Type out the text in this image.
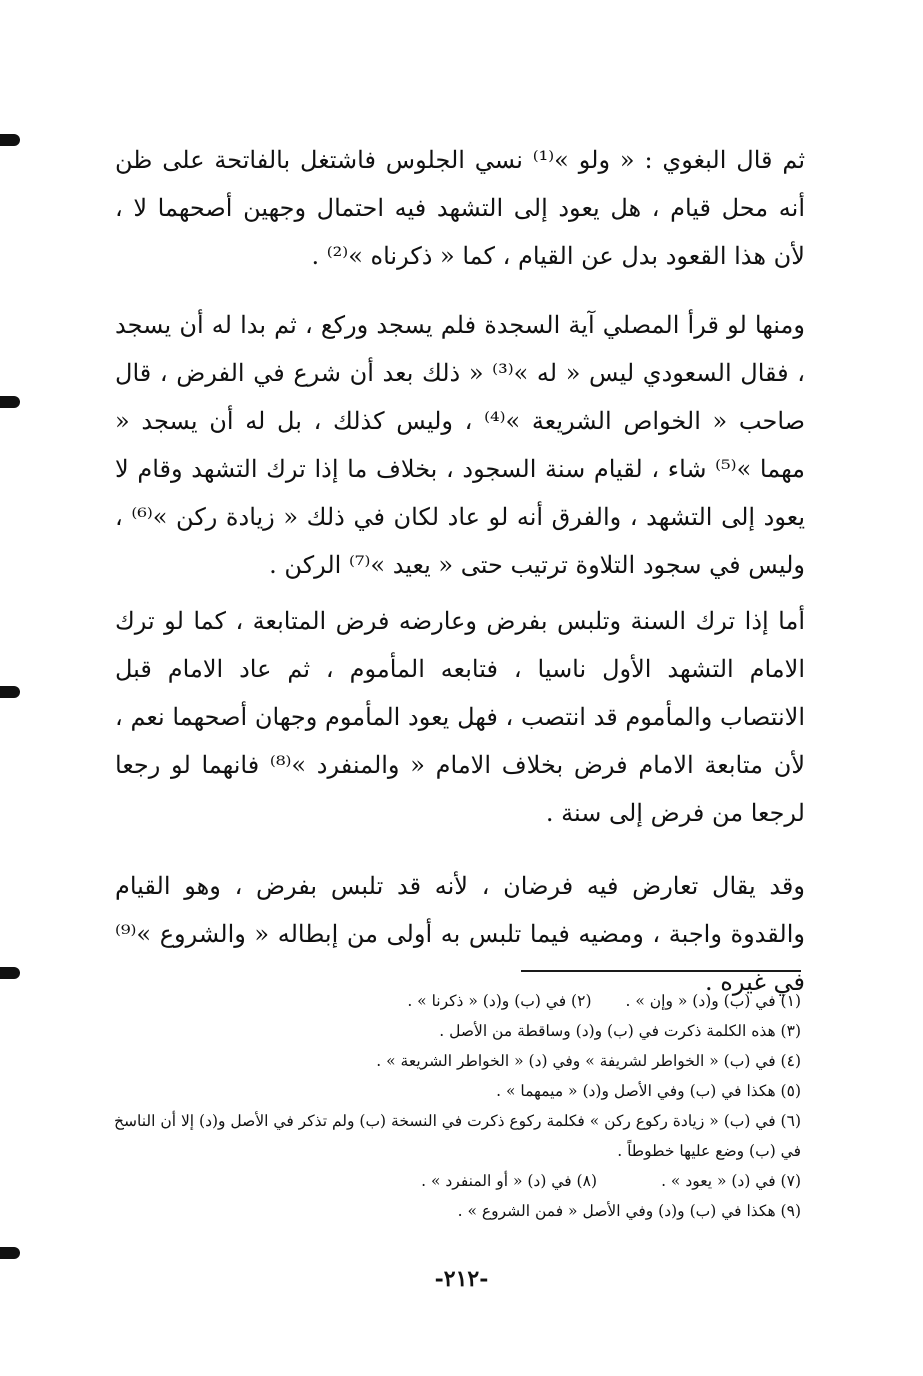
ثم قال البغوي : « ولو »⁽¹⁾ نسي الجلوس فاشتغل بالفاتحة على ظن أنه محل قيام ، هل يعود إلى التشهد فيه احتمال وجهين أصحهما لا ، لأن هذا القعود بدل عن القيام ، كما « ذكرناه »⁽²⁾ .

ومنها لو قرأ المصلي آية السجدة فلم يسجد وركع ، ثم بدا له أن يسجد ، فقال السعودي ليس « له »⁽³⁾ « ذلك بعد أن شرع في الفرض ، قال صاحب « الخواص الشريعة »⁽⁴⁾ ، وليس كذلك ، بل له أن يسجد « مهما »⁽⁵⁾ شاء ، لقيام سنة السجود ، بخلاف ما إذا ترك التشهد وقام لا يعود إلى التشهد ، والفرق أنه لو عاد لكان في ذلك « زيادة ركن »⁽⁶⁾ ، وليس في سجود التلاوة ترتيب حتى « يعيد »⁽⁷⁾ الركن .

أما إذا ترك السنة وتلبس بفرض وعارضه فرض المتابعة ، كما لو ترك الامام التشهد الأول ناسيا ، فتابعه المأموم ، ثم عاد الامام قبل الانتصاب والمأموم قد انتصب ، فهل يعود المأموم وجهان أصحهما نعم ، لأن متابعة الامام فرض بخلاف الامام « والمنفرد »⁽⁸⁾ فانهما لو رجعا لرجعا من فرض إلى سنة .

وقد يقال تعارض فيه فرضان ، لأنه قد تلبس بفرض ، وهو القيام والقدوة واجبة ، ومضيه فيما تلبس به أولى من إبطاله « والشروع »⁽⁹⁾ في غيره .

(١) في (ب) و(د) « وإن » .
(٢) في (ب) و(د) « ذكرنا » .

(٣) هذه الكلمة ذكرت في (ب) و(د) وساقطة من الأصل .

(٤) في (ب) « الخواطر لشريفة » وفي (د) « الخواطر الشريعة » .

(٥) هكذا في (ب) وفي الأصل و(د) « ميمهما » .

(٦) في (ب) « زيادة ركوع ركن » فكلمة ركوع ذكرت في النسخة (ب) ولم تذكر في الأصل و(د) إلا أن الناسخ في (ب) وضع عليها خطوطاً .

(٧) في (د) « يعود » .
(٨) في (د) « أو المنفرد » .

(٩) هكذا في (ب) و(د) وفي الأصل « فمن الشروع » .

-٢١٢-
